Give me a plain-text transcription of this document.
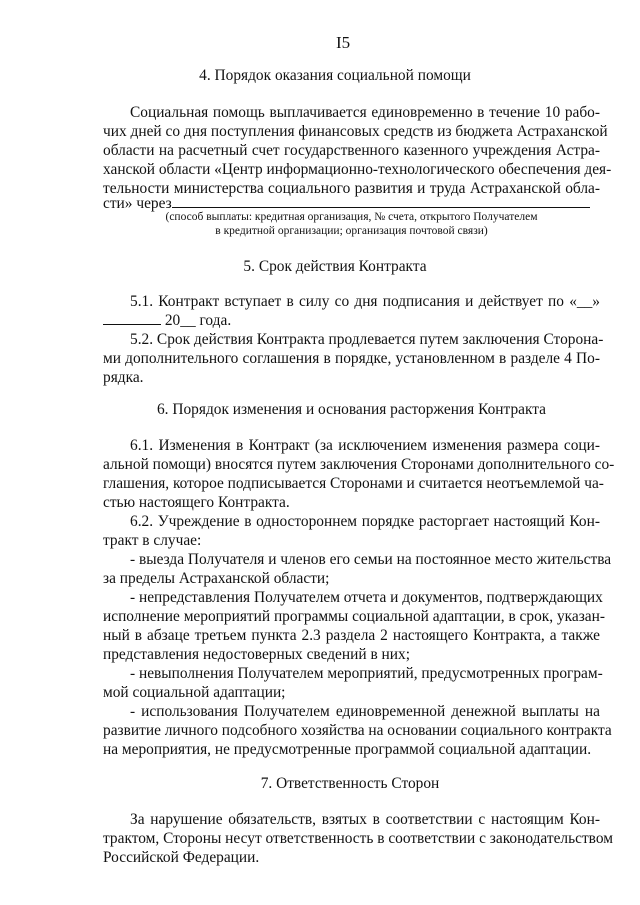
I5
4. Порядок оказания социальной помощи
Социальная помощь выплачивается единовременно в течение 10 рабо-
чих дней со дня поступления финансовых средств из бюджета Астраханской
области на расчетный счет государственного казенного учреждения Астра-
ханской области «Центр информационно-технологического обеспечения дея-
тельности министерства социального развития и труда Астраханской обла-
сти» через
(способ выплаты: кредитная организация, № счета, открытого Получателем
в кредитной организации; организация почтовой связи)
5. Срок действия Контракта
5.1. Контракт вступает в силу со дня подписания и действует по «__»
20__ года.
5.2. Срок действия Контракта продлевается путем заключения Сторона-
ми дополнительного соглашения в порядке, установленном в разделе 4 По-
рядка.
6. Порядок изменения и основания расторжения Контракта
6.1. Изменения в Контракт (за исключением изменения размера соци-
альной помощи) вносятся путем заключения Сторонами дополнительного со-
глашения, которое подписывается Сторонами и считается неотъемлемой ча-
стью настоящего Контракта.
6.2. Учреждение в одностороннем порядке расторгает настоящий Кон-
тракт в случае:
- выезда Получателя и членов его семьи на постоянное место жительства
за пределы Астраханской области;
- непредставления Получателем отчета и документов, подтверждающих
исполнение мероприятий программы социальной адаптации, в срок, указан-
ный в абзаце третьем пункта 2.3 раздела 2 настоящего Контракта, а также
представления недостоверных сведений в них;
- невыполнения Получателем мероприятий, предусмотренных програм-
мой социальной адаптации;
- использования Получателем единовременной денежной выплаты на
развитие личного подсобного хозяйства на основании социального контракта
на мероприятия, не предусмотренные программой социальной адаптации.
7. Ответственность Сторон
За нарушение обязательств, взятых в соответствии с настоящим Кон-
трактом, Стороны несут ответственность в соответствии с законодательством
Российской Федерации.
